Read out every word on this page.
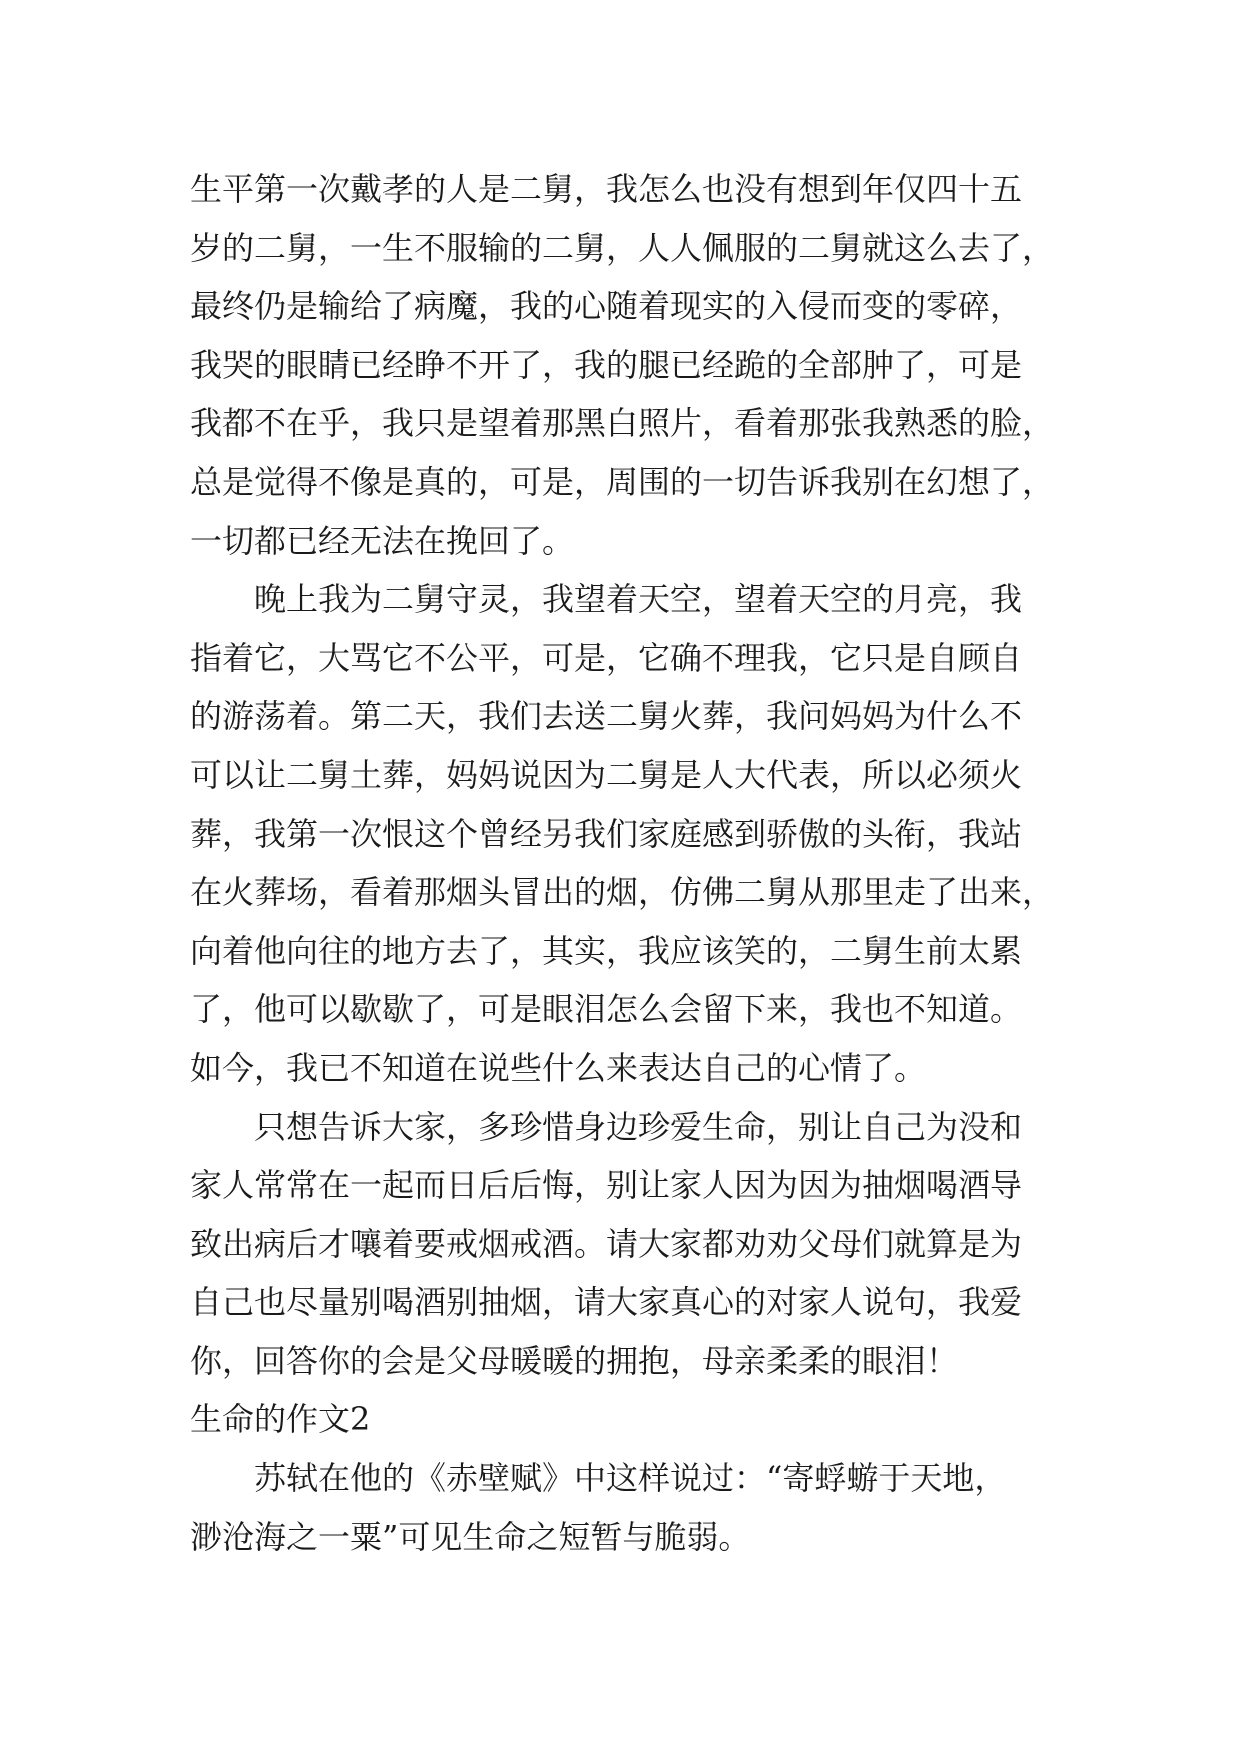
生平第一次戴孝的人是二舅，我怎么也没有想到年仅四十五
岁的二舅，一生不服输的二舅，人人佩服的二舅就这么去了，
最终仍是输给了病魔，我的心随着现实的入侵而变的零碎，
我哭的眼睛已经睁不开了，我的腿已经跪的全部肿了，可是
我都不在乎，我只是望着那黑白照片，看着那张我熟悉的脸，
总是觉得不像是真的，可是，周围的一切告诉我别在幻想了，
一切都已经无法在挽回了。
晚上我为二舅守灵，我望着天空，望着天空的月亮，我
指着它，大骂它不公平，可是，它确不理我，它只是自顾自
的游荡着。第二天，我们去送二舅火葬，我问妈妈为什么不
可以让二舅土葬，妈妈说因为二舅是人大代表，所以必须火
葬，我第一次恨这个曾经另我们家庭感到骄傲的头衔，我站
在火葬场，看着那烟头冒出的烟，仿佛二舅从那里走了出来，
向着他向往的地方去了，其实，我应该笑的，二舅生前太累
了，他可以歇歇了，可是眼泪怎么会留下来，我也不知道。
如今，我已不知道在说些什么来表达自己的心情了。
只想告诉大家，多珍惜身边珍爱生命，别让自己为没和
家人常常在一起而日后后悔，别让家人因为因为抽烟喝酒导
致出病后才嚷着要戒烟戒酒。请大家都劝劝父母们就算是为
自己也尽量别喝酒别抽烟，请大家真心的对家人说句，我爱
你，回答你的会是父母暖暖的拥抱，母亲柔柔的眼泪！
生命的作文2
苏轼在他的《赤壁赋》中这样说过：“寄蜉蝣于天地，
渺沧海之一粟”可见生命之短暂与脆弱。
